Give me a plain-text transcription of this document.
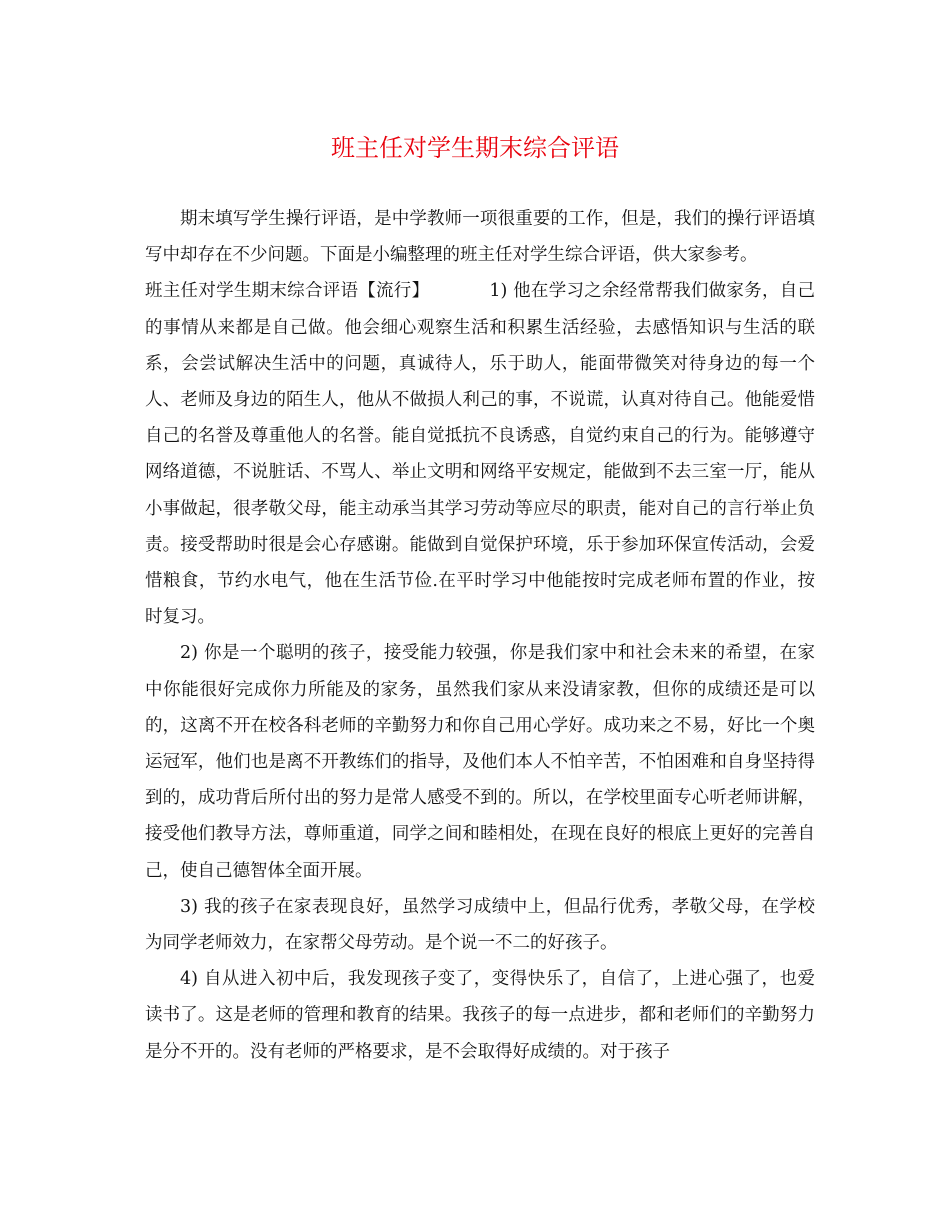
班主任对学生期末综合评语

期末填写学生操行评语，是中学教师一项很重要的工作，但是，我们的操行评语填写中却存在不少问题。下面是小编整理的班主任对学生综合评语，供大家参考。

班主任对学生期末综合评语【流行】	1) 他在学习之余经常帮我们做家务，自己的事情从来都是自己做。他会细心观察生活和积累生活经验，去感悟知识与生活的联系，会尝试解决生活中的问题，真诚待人，乐于助人，能面带微笑对待身边的每一个人、老师及身边的陌生人，他从不做损人利己的事，不说谎，认真对待自己。他能爱惜自己的名誉及尊重他人的名誉。能自觉抵抗不良诱惑，自觉约束自己的行为。能够遵守网络道德，不说脏话、不骂人、举止文明和网络平安规定，能做到不去三室一厅，能从小事做起，很孝敬父母，能主动承当其学习劳动等应尽的职责，能对自己的言行举止负责。接受帮助时很是会心存感谢。能做到自觉保护环境，乐于参加环保宣传活动，会爱惜粮食，节约水电气，他在生活节俭.在平时学习中他能按时完成老师布置的作业，按时复习。

2) 你是一个聪明的孩子，接受能力较强，你是我们家中和社会未来的希望，在家中你能很好完成你力所能及的家务，虽然我们家从来没请家教，但你的成绩还是可以的，这离不开在校各科老师的辛勤努力和你自己用心学好。成功来之不易，好比一个奥运冠军，他们也是离不开教练们的指导，及他们本人不怕辛苦，不怕困难和自身坚持得到的，成功背后所付出的努力是常人感受不到的。所以，在学校里面专心听老师讲解，接受他们教导方法，尊师重道，同学之间和睦相处，在现在良好的根底上更好的完善自己，使自己德智体全面开展。

3) 我的孩子在家表现良好，虽然学习成绩中上，但品行优秀，孝敬父母，在学校为同学老师效力，在家帮父母劳动。是个说一不二的好孩子。

4) 自从进入初中后，我发现孩子变了，变得快乐了，自信了，上进心强了，也爱读书了。这是老师的管理和教育的结果。我孩子的每一点进步，都和老师们的辛勤努力是分不开的。没有老师的严格要求，是不会取得好成绩的。对于孩子
